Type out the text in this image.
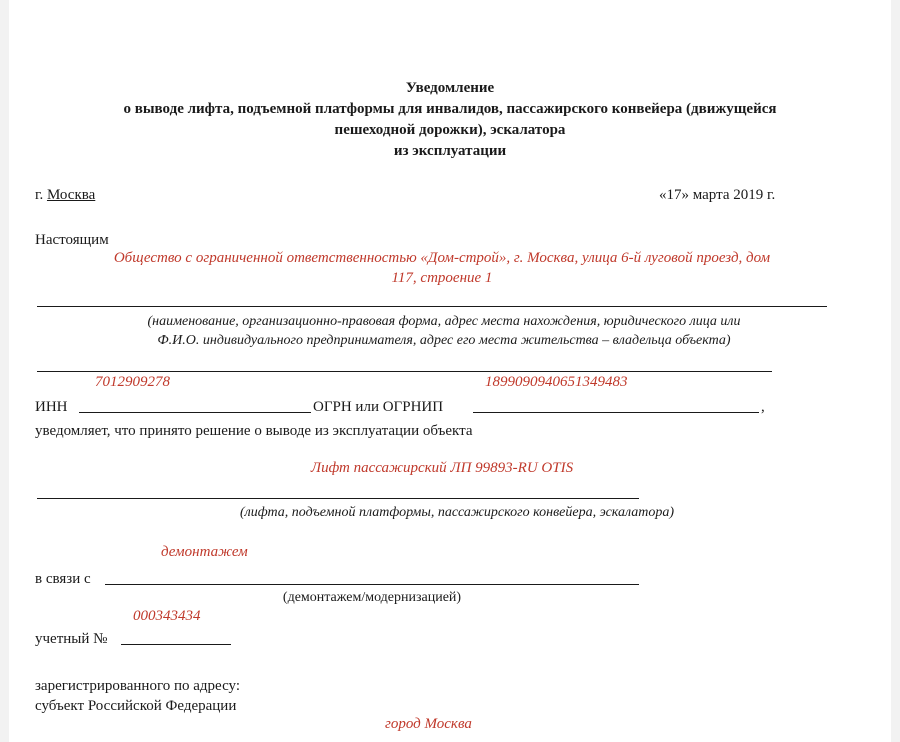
Уведомление
о выводе лифта, подъемной платформы для инвалидов, пассажирского конвейера (движущейся
пешеходной дорожки), эскалатора
из эксплуатации
г. Москва	«17» марта 2019 г.
Настоящим
Общество с ограниченной ответственностью «Дом-строй», г. Москва, улица 6-й луговой проезд, дом
117, строение 1
(наименование, организационно-правовая форма, адрес места нахождения, юридического лица или
Ф.И.О. индивидуального предпринимателя, адрес его места жительства – владельца объекта)
7012909278	1899090940651349483
ИНН	ОГРН или ОГРНИП	,
уведомляет, что принято решение о выводе из эксплуатации объекта
Лифт пассажирский ЛП 99893-RU OTIS
(лифта, подъемной платформы, пассажирского конвейера, эскалатора)
демонтажем
в связи с
(демонтажем/модернизацией)
000343434
учетный №
зарегистрированного по адресу:
субъект Российской Федерации
город Москва
